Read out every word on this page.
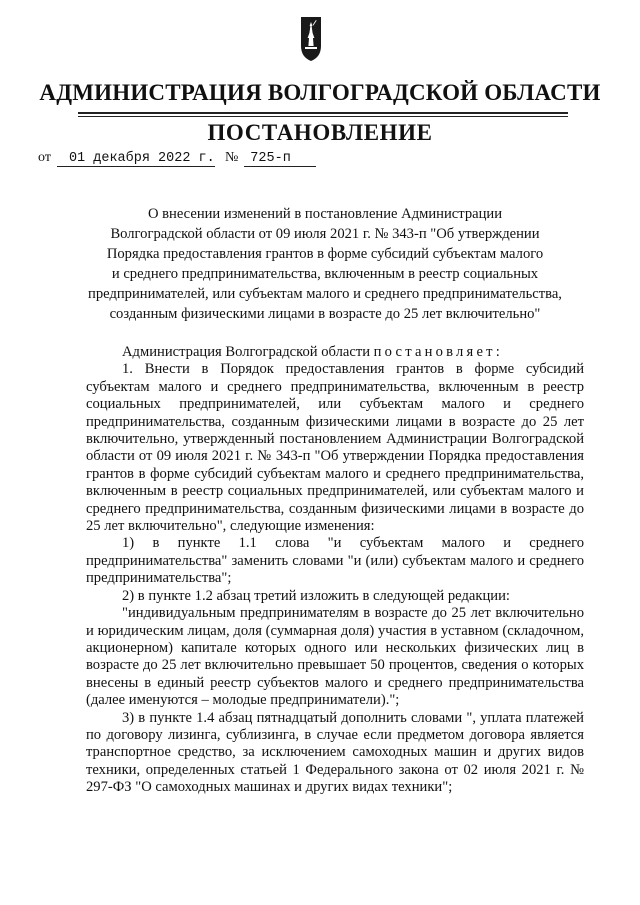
АДМИНИСТРАЦИЯ ВОЛГОГРАДСКОЙ ОБЛАСТИ
ПОСТАНОВЛЕНИЕ
от	01 декабря 2022 г. № 725-п
О внесении изменений в постановление Администрации
Волгоградской области от 09 июля 2021 г. № 343-п "Об утверждении
Порядка предоставления грантов в форме субсидий субъектам малого
и среднего предпринимательства, включенным в реестр социальных
предпринимателей, или субъектам малого и среднего предпринимательства,
созданным физическими лицами в возрасте до 25 лет включительно"

Администрация Волгоградской области постановляет:

1. Внести в Порядок предоставления грантов в форме субсидий субъектам малого и среднего предпринимательства, включенным в реестр социальных предпринимателей, или субъектам малого и среднего предпринимательства, созданным физическими лицами в возрасте до 25 лет включительно, утвержденный постановлением Администрации Волгоградской области от 09 июля 2021 г. № 343-п "Об утверждении Порядка предоставления грантов в форме субсидий субъектам малого и среднего предпринимательства, включенным в реестр социальных предпринимателей, или субъектам малого и среднего предпринимательства, созданным физическими лицами в возрасте до 25 лет включительно", следующие изменения:

1) в пункте 1.1 слова "и субъектам малого и среднего предпринимательства" заменить словами "и (или) субъектам малого и среднего предпринимательства";

2) в пункте 1.2 абзац третий изложить в следующей редакции:

"индивидуальным предпринимателям в возрасте до 25 лет включительно и юридическим лицам, доля (суммарная доля) участия в уставном (складочном, акционерном) капитале которых одного или нескольких физических лиц в возрасте до 25 лет включительно превышает 50 процентов, сведения о которых внесены в единый реестр субъектов малого и среднего предпринимательства (далее именуются – молодые предприниматели).";

3) в пункте 1.4 абзац пятнадцатый дополнить словами ", уплата платежей по договору лизинга, сублизинга, в случае если предметом договора является транспортное средство, за исключением самоходных машин и других видов техники, определенных статьей 1 Федерального закона от 02 июля 2021 г. № 297-ФЗ "О самоходных машинах и других видах техники";
